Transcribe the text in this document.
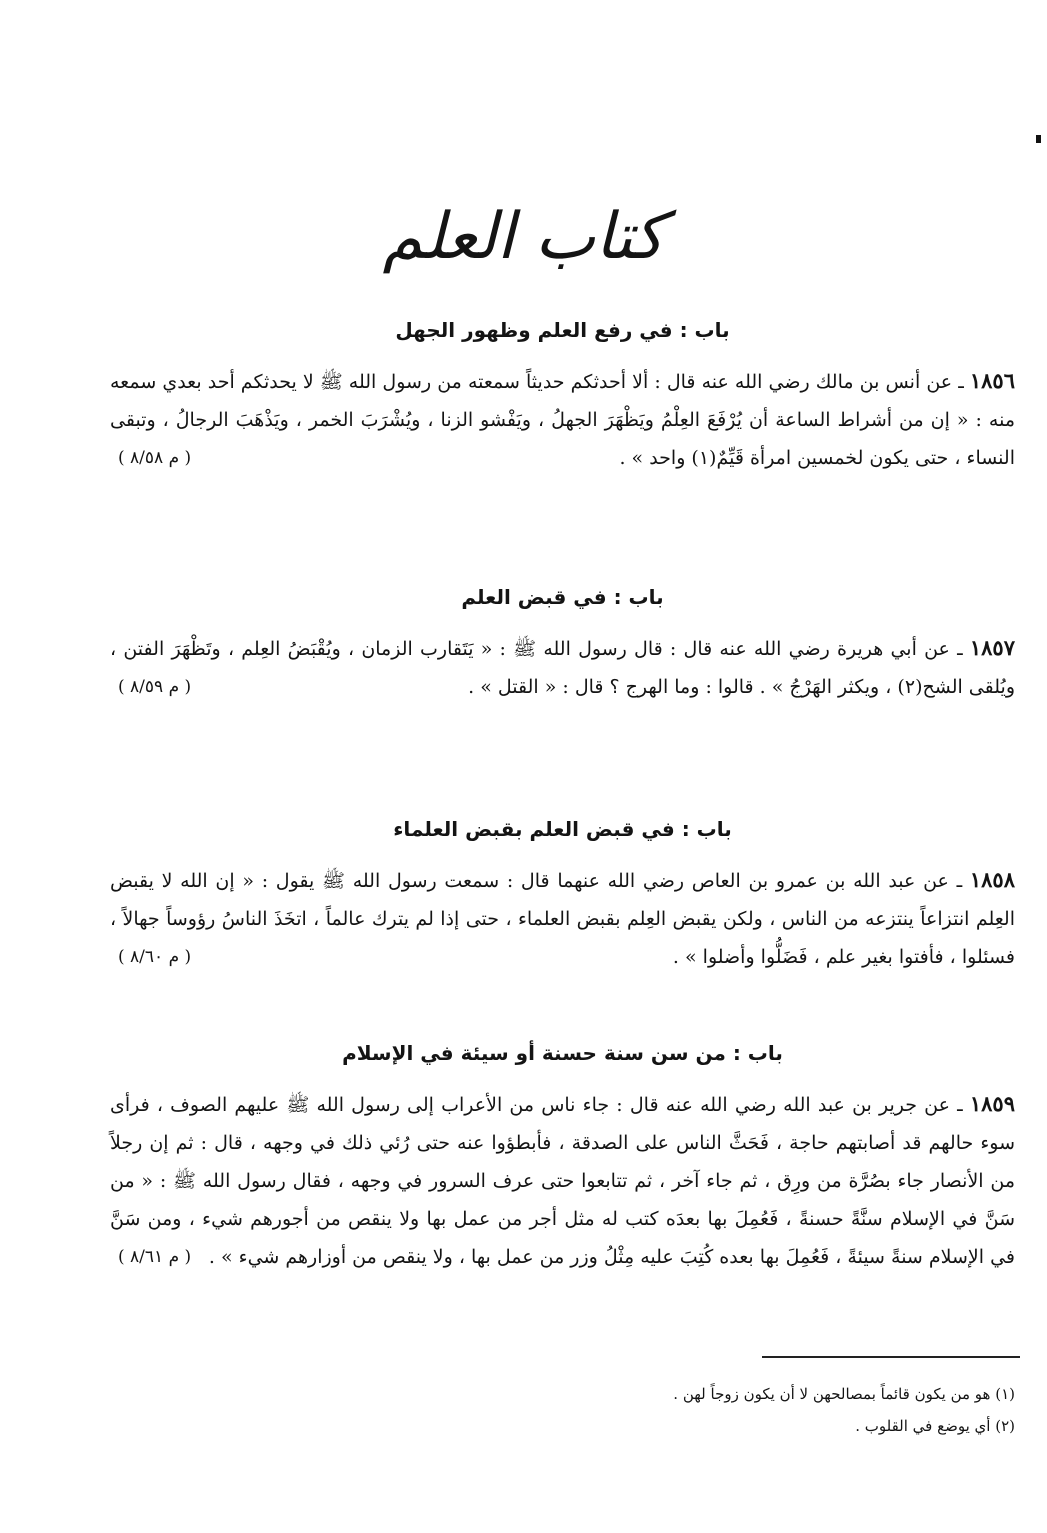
كتاب العلم
باب : في رفع العلم وظهور الجهل
١٨٥٦ ـ عن أنس بن مالك رضي الله عنه قال : ألا أحدثكم حديثاً سمعته من رسول الله ﷺ لا يحدثكم أحد بعدي سمعه منه : « إن من أشراط الساعة أن يُرْفَعَ العِلْمُ ويَظْهَرَ الجهلُ ، ويَفْشو الزنا ، ويُشْرَبَ الخمر ، ويَذْهَبَ الرجالُ ، وتبقى النساء ، حتى يكون لخمسين امرأة قَيِّمٌ(١) واحد » .
( م ٨/٥٨ )
باب : في قبض العلم
١٨٥٧ ـ عن أبي هريرة رضي الله عنه قال : قال رسول الله ﷺ : « يَتَقارب الزمان ، ويُقْبَضُ العِلم ، وتَظْهَرَ الفتن ، ويُلقى الشح(٢) ، ويكثر الهَرْجُ » . قالوا : وما الهرج ؟ قال : « القتل » .
( م ٨/٥٩ )
باب : في قبض العلم بقبض العلماء
١٨٥٨ ـ عن عبد الله بن عمرو بن العاص رضي الله عنهما قال : سمعت رسول الله ﷺ يقول : « إن الله لا يقبض العِلم انتزاعاً ينتزعه من الناس ، ولكن يقبض العِلم بقبض العلماء ، حتى إذا لم يترك عالماً ، اتخَذَ الناسُ رؤوساً جهالاً ، فسئلوا ، فأفتوا بغير علم ، فَضَلُّوا وأضلوا » .
( م ٨/٦٠ )
باب : من سن سنة حسنة أو سيئة في الإسلام
١٨٥٩ ـ عن جرير بن عبد الله رضي الله عنه قال : جاء ناس من الأعراب إلى رسول الله ﷺ عليهم الصوف ، فرأى سوء حالهم قد أصابتهم حاجة ، فَحَثَّ الناس على الصدقة ، فأبطؤوا عنه حتى رُئي ذلك في وجهه ، قال : ثم إن رجلاً من الأنصار جاء بصُرَّة من ورِق ، ثم جاء آخر ، ثم تتابعوا حتى عرف السرور في وجهه ، فقال رسول الله ﷺ : « من سَنَّ في الإسلام سنَّةً حسنةً ، فَعُمِلَ بها بعدَه كتب له مثل أجر من عمل بها ولا ينقص من أجورهم شيء ، ومن سَنَّ في الإسلام سنةً سيئةً ، فَعُمِلَ بها بعده كُتِبَ عليه مِثْلُ وزر من عمل بها ، ولا ينقص من أوزارهم شيء » .
( م ٨/٦١ )
(١) هو من يكون قائماً بمصالحهن لا أن يكون زوجاً لهن .
(٢) أي يوضع في القلوب .
